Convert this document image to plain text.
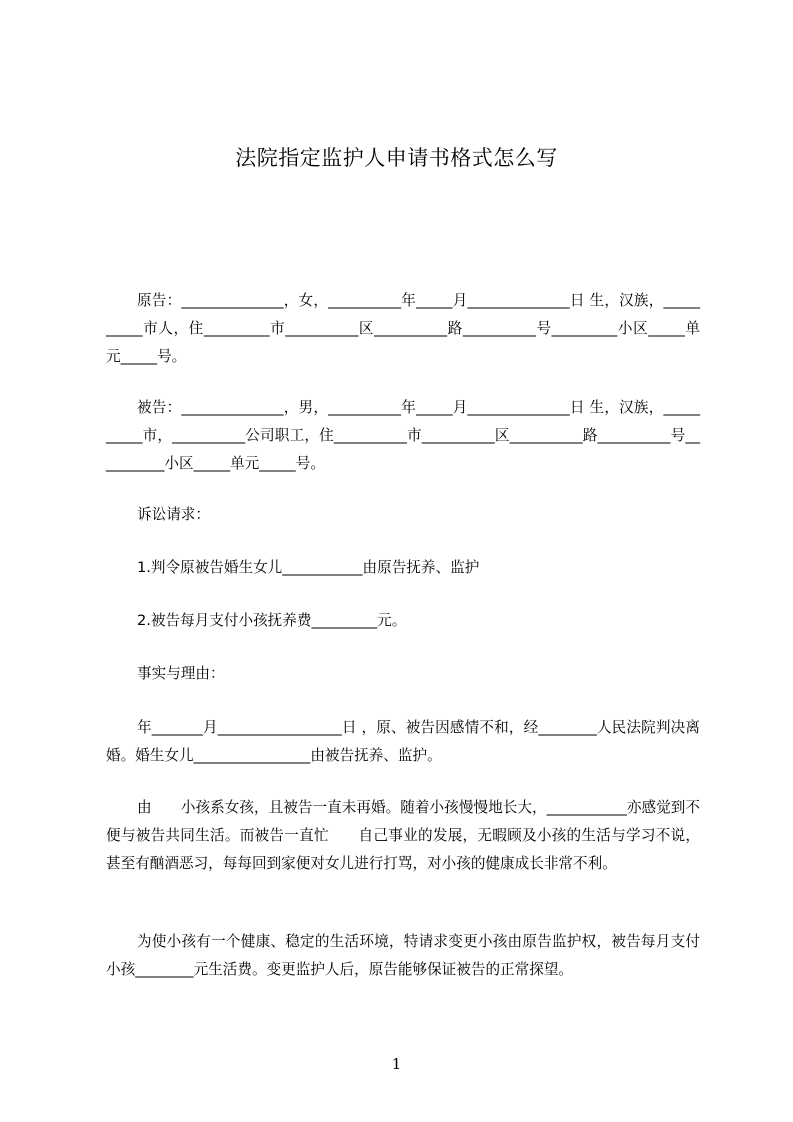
法院指定监护人申请书格式怎么写

原告：______________，女，__________年_____月______________日 生，汉族，__________市人，住_________市__________区__________路__________号_________小区_____单元_____号。

被告：______________，男，__________年_____月______________日 生，汉族，__________市，__________公司职工，住__________市__________区__________路__________号__________小区_____单元_____号。

诉讼请求：

1.判令原被告婚生女儿___________由原告抚养、监护

2.被告每月支付小孩抚养费_________元。

事实与理由：

年_______月_________________日 ，原、被告因感情不和，经________人民法院判决离婚。婚生女儿________________由被告抚养、监护。

由　　小孩系女孩，且被告一直未再婚。随着小孩慢慢地长大，___________亦感觉到不便与被告共同生活。而被告一直忙　　自己事业的发展，无暇顾及小孩的生活与学习不说，甚至有酗酒恶习，每每回到家便对女儿进行打骂，对小孩的健康成长非常不利。

为使小孩有一个健康、稳定的生活环境，特请求变更小孩由原告监护权，被告每月支付小孩________元生活费。变更监护人后，原告能够保证被告的正常探望。

1
